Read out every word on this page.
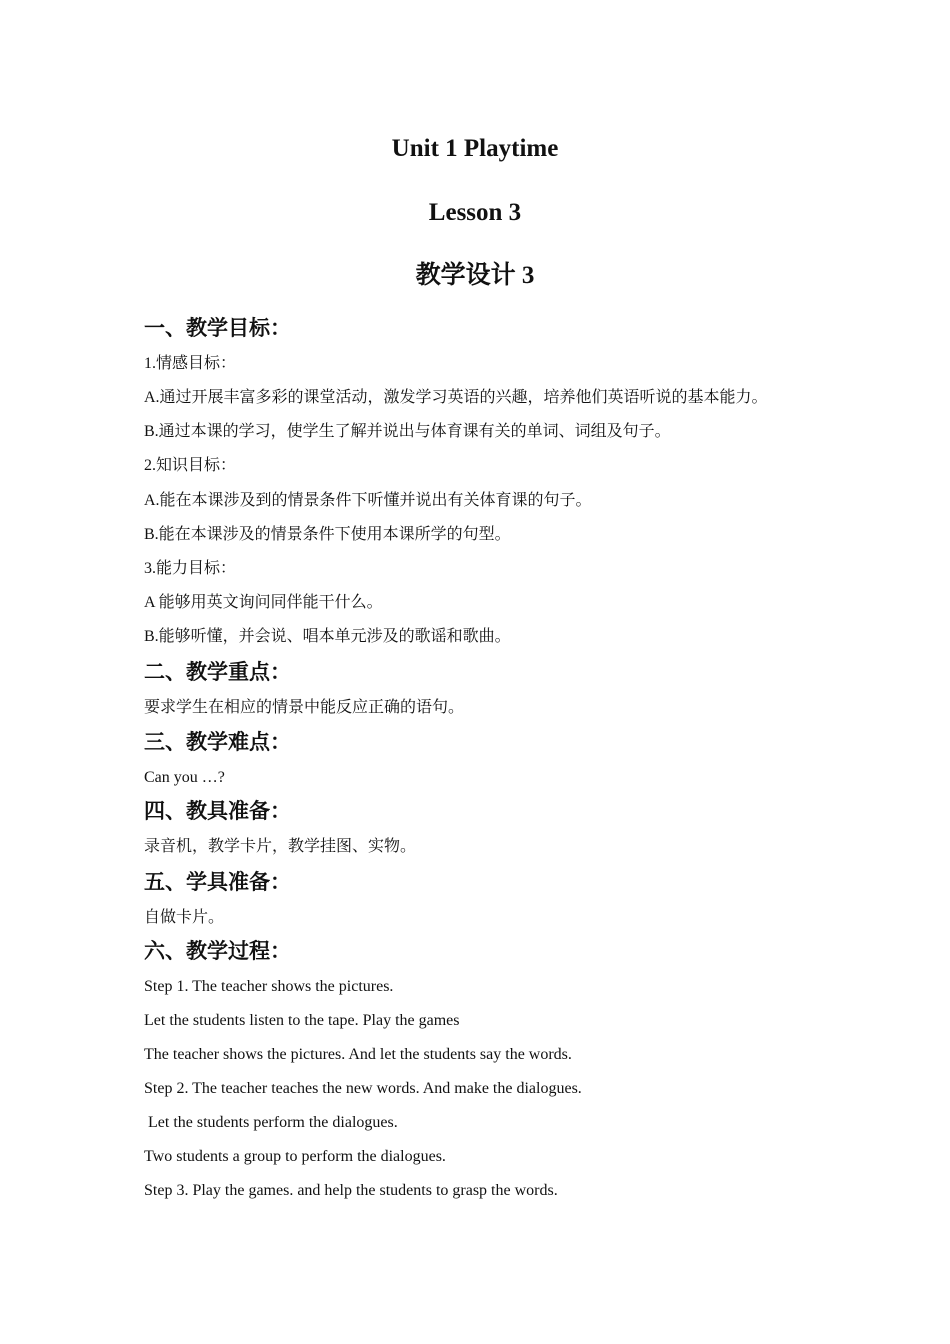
Unit 1 Playtime
Lesson 3
教学设计 3
一、教学目标：
1.情感目标：
A.通过开展丰富多彩的课堂活动，激发学习英语的兴趣，培养他们英语听说的基本能力。
B.通过本课的学习，使学生了解并说出与体育课有关的单词、词组及句子。
2.知识目标：
A.能在本课涉及到的情景条件下听懂并说出有关体育课的句子。
B.能在本课涉及的情景条件下使用本课所学的句型。
3.能力目标：
A 能够用英文询问同伴能干什么。
B.能够听懂，并会说、唱本单元涉及的歌谣和歌曲。
二、教学重点：
要求学生在相应的情景中能反应正确的语句。
三、教学难点：
Can you …?
四、教具准备：
录音机，教学卡片，教学挂图、实物。
五、学具准备：
自做卡片。
六、教学过程：
Step 1. The teacher shows the pictures.
Let the students listen to the tape. Play the games
The teacher shows the pictures. And let the students say the words.
Step 2. The teacher teaches the new words. And make the dialogues.
Let the students perform the dialogues.
Two students a group to perform the dialogues.
Step 3. Play the games. and help the students to grasp the words.
